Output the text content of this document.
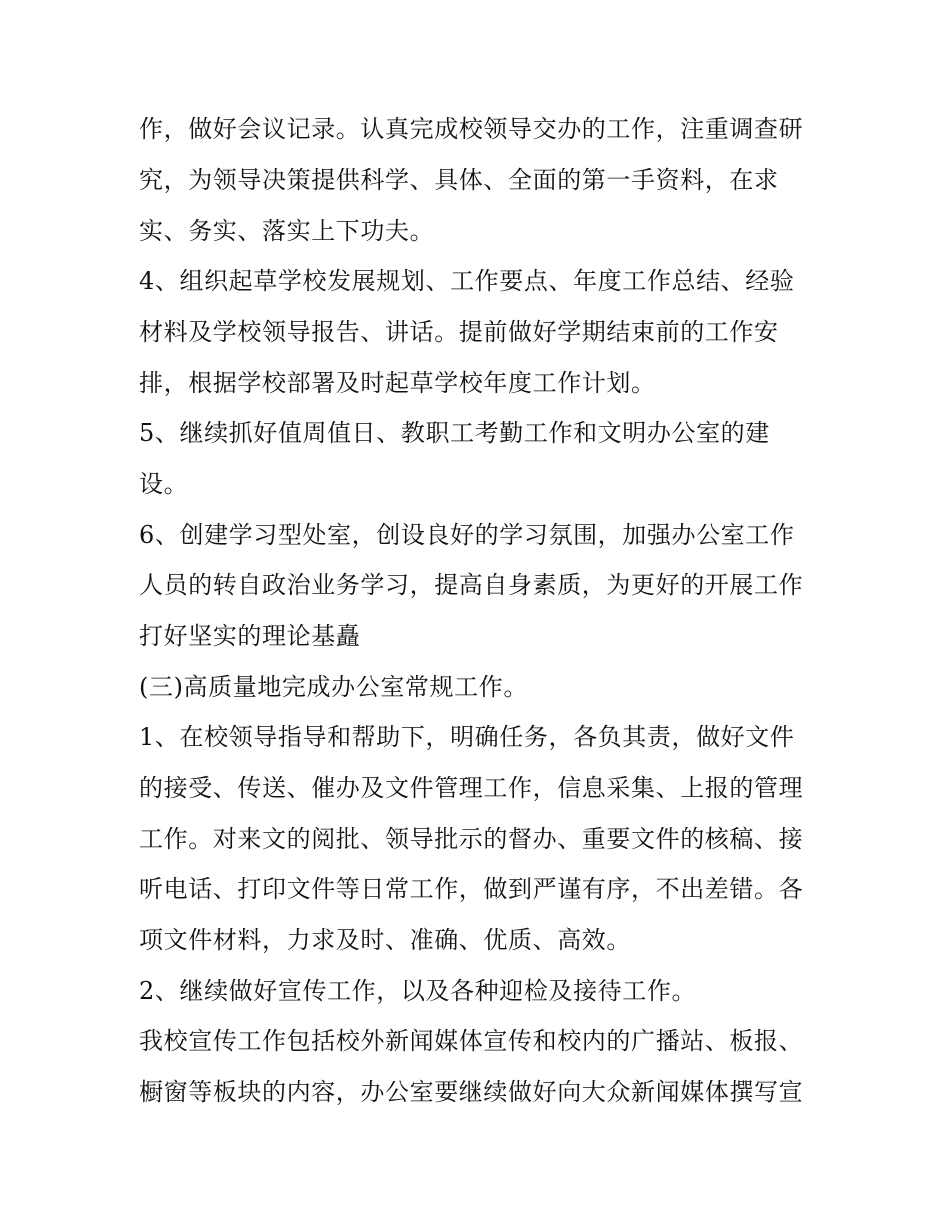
作，做好会议记录。认真完成校领导交办的工作，注重调查研
究，为领导决策提供科学、具体、全面的第一手资料，在求
实、务实、落实上下功夫。
4、组织起草学校发展规划、工作要点、年度工作总结、经验
材料及学校领导报告、讲话。提前做好学期结束前的工作安
排，根据学校部署及时起草学校年度工作计划。
5、继续抓好值周值日、教职工考勤工作和文明办公室的建
设。
6、创建学习型处室，创设良好的学习氛围，加强办公室工作
人员的转自政治业务学习，提高自身素质，为更好的开展工作
打好坚实的理论基矗
(三)高质量地完成办公室常规工作。
1、在校领导指导和帮助下，明确任务，各负其责，做好文件
的接受、传送、催办及文件管理工作，信息采集、上报的管理
工作。对来文的阅批、领导批示的督办、重要文件的核稿、接
听电话、打印文件等日常工作，做到严谨有序，不出差错。各
项文件材料，力求及时、准确、优质、高效。
2、继续做好宣传工作，以及各种迎检及接待工作。
我校宣传工作包括校外新闻媒体宣传和校内的广播站、板报、
橱窗等板块的内容，办公室要继续做好向大众新闻媒体撰写宣
